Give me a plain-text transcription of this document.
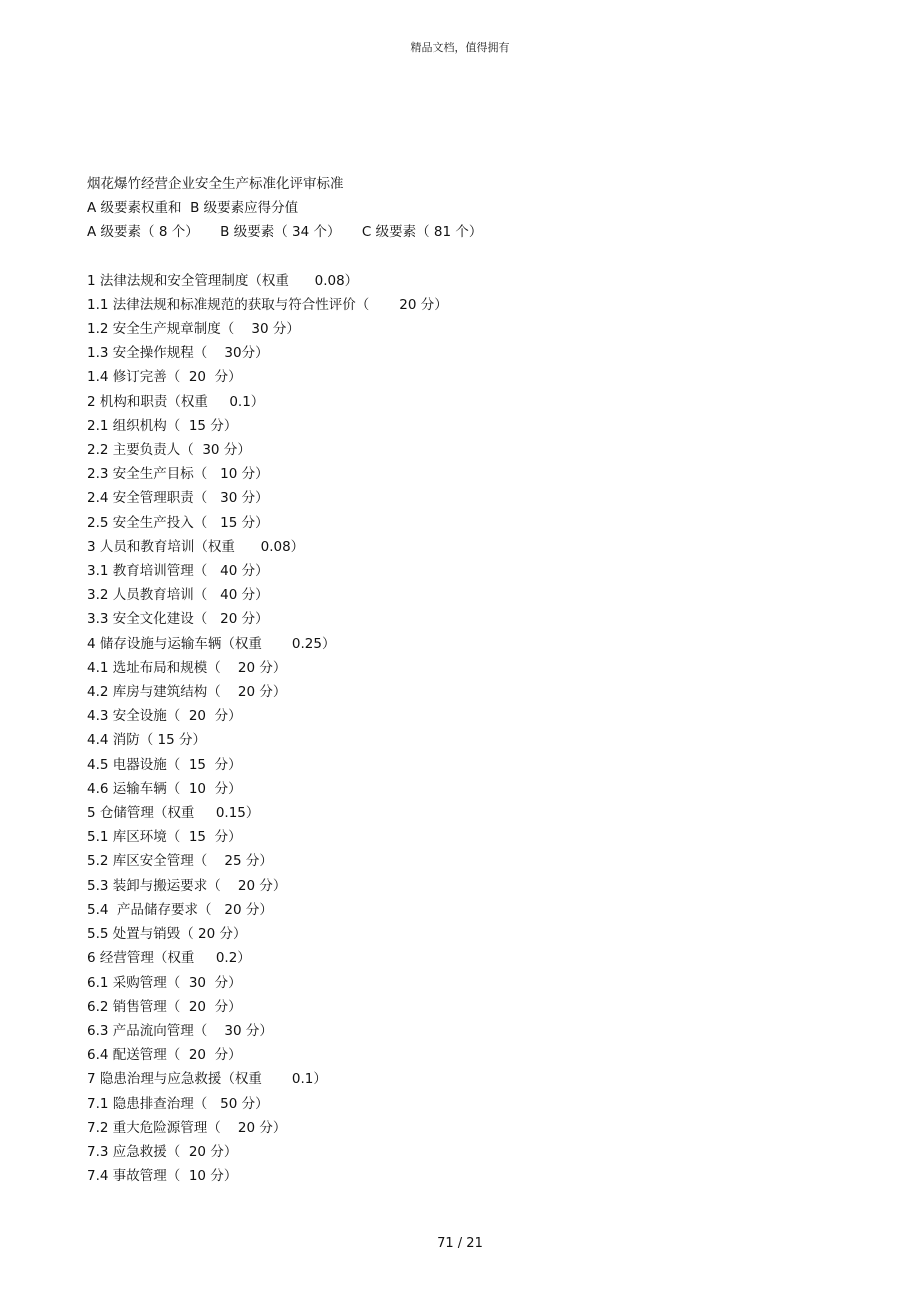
精品文档，值得拥有
烟花爆竹经营企业安全生产标准化评审标准
A 级要素权重和  B 级要素应得分值
A 级要素（ 8 个）     B 级要素（ 34 个）     C 级要素（ 81 个）
1 法律法规和安全管理制度（权重      0.08）
1.1 法律法规和标准规范的获取与符合性评价（       20 分）
1.2 安全生产规章制度（    30 分）
1.3 安全操作规程（    30分）
1.4 修订完善（  20  分）
2 机构和职责（权重     0.1）
2.1 组织机构（  15 分）
2.2 主要负责人（  30 分）
2.3 安全生产目标（   10 分）
2.4 安全管理职责（   30 分）
2.5 安全生产投入（   15 分）
3 人员和教育培训（权重      0.08）
3.1 教育培训管理（   40 分）
3.2 人员教育培训（   40 分）
3.3 安全文化建设（   20 分）
4 储存设施与运输车辆（权重       0.25）
4.1 选址布局和规模（    20 分）
4.2 库房与建筑结构（    20 分）
4.3 安全设施（  20  分）
4.4 消防（ 15 分）
4.5 电器设施（  15  分）
4.6 运输车辆（  10  分）
5 仓储管理（权重     0.15）
5.1 库区环境（  15  分）
5.2 库区安全管理（    25 分）
5.3 装卸与搬运要求（    20 分）
5.4  产品储存要求（   20 分）
5.5 处置与销毁（ 20 分）
6 经营管理（权重     0.2）
6.1 采购管理（  30  分）
6.2 销售管理（  20  分）
6.3 产品流向管理（    30 分）
6.4 配送管理（  20  分）
7 隐患治理与应急救援（权重       0.1）
7.1 隐患排查治理（   50 分）
7.2 重大危险源管理（    20 分）
7.3 应急救援（  20 分）
7.4 事故管理（  10 分）
71 / 21
